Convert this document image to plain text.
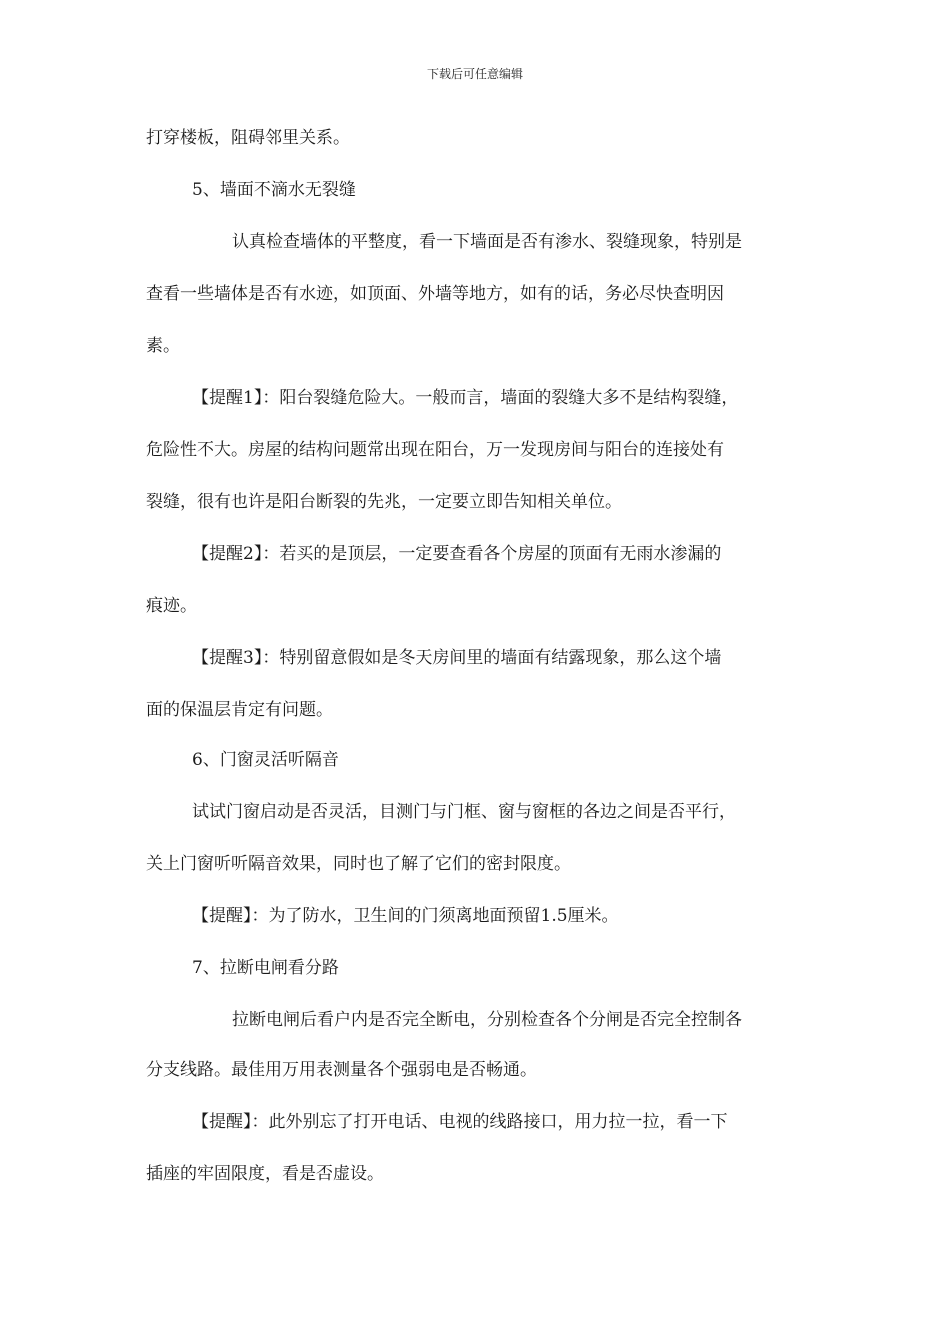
下载后可任意编辑
打穿楼板，阻碍邻里关系。
5、墙面不滴水无裂缝
认真检查墙体的平整度，看一下墙面是否有渗水、裂缝现象，特别是
查看一些墙体是否有水迹，如顶面、外墙等地方，如有的话，务必尽快查明因
素。
【提醒1】：阳台裂缝危险大。一般而言，墙面的裂缝大多不是结构裂缝，
危险性不大。房屋的结构问题常出现在阳台，万一发现房间与阳台的连接处有
裂缝，很有也许是阳台断裂的先兆，一定要立即告知相关单位。
【提醒2】：若买的是顶层，一定要查看各个房屋的顶面有无雨水渗漏的
痕迹。
【提醒3】：特别留意假如是冬天房间里的墙面有结露现象，那么这个墙
面的保温层肯定有问题。
6、门窗灵活听隔音
试试门窗启动是否灵活，目测门与门框、窗与窗框的各边之间是否平行，
关上门窗听听隔音效果，同时也了解了它们的密封限度。
【提醒】：为了防水，卫生间的门须离地面预留1.5厘米。
7、拉断电闸看分路
拉断电闸后看户内是否完全断电，分别检查各个分闸是否完全控制各
分支线路。最佳用万用表测量各个强弱电是否畅通。
【提醒】：此外别忘了打开电话、电视的线路接口，用力拉一拉，看一下
插座的牢固限度，看是否虚设。
